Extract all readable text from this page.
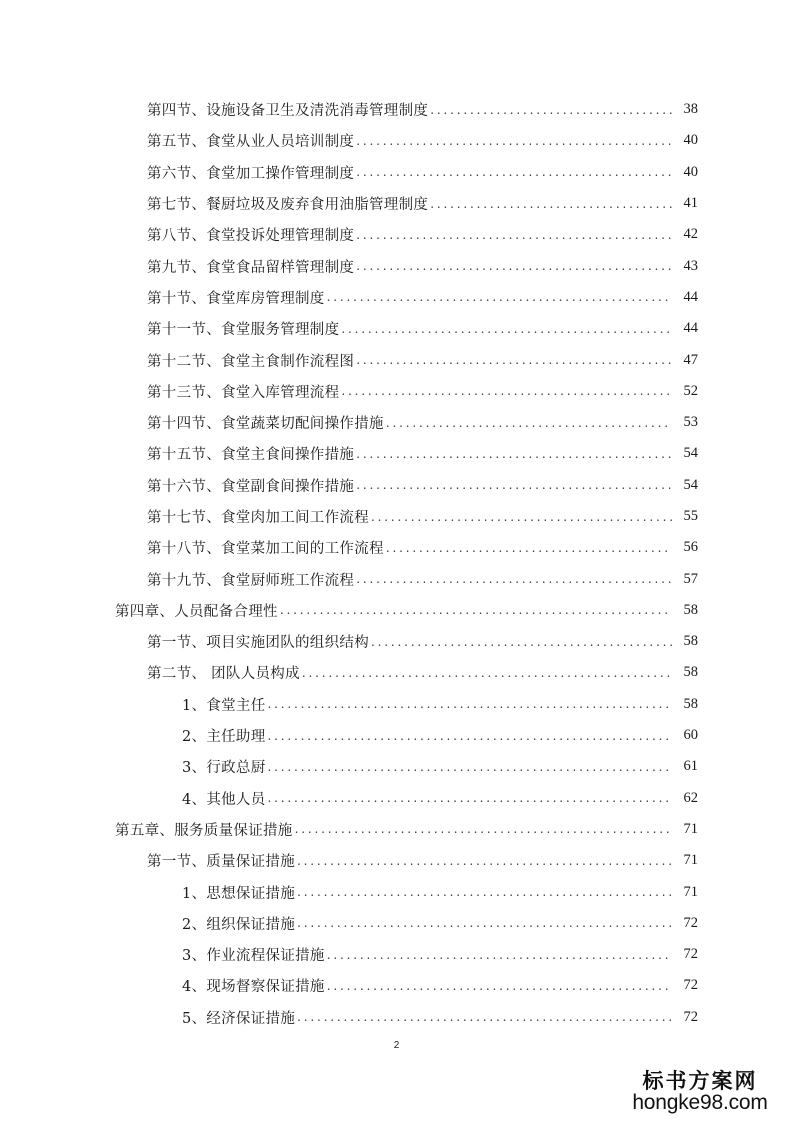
第四节、设施设备卫生及清洗消毒管理制度 . . .	38
第五节、食堂从业人员培训制度 . . .	40
第六节、食堂加工操作管理制度 . . .	40
第七节、餐厨垃圾及废弃食用油脂管理制度 . . .	41
第八节、食堂投诉处理管理制度 . . .	42
第九节、食堂食品留样管理制度 . . .	43
第十节、食堂库房管理制度 . . .	44
第十一节、食堂服务管理制度 . . .	44
第十二节、食堂主食制作流程图 . . .	47
第十三节、食堂入库管理流程 . . .	52
第十四节、食堂蔬菜切配间操作措施 . . .	53
第十五节、食堂主食间操作措施 . . .	54
第十六节、食堂副食间操作措施 . . .	54
第十七节、食堂肉加工间工作流程 . . .	55
第十八节、食堂菜加工间的工作流程 . . .	56
第十九节、食堂厨师班工作流程 . . .	57
第四章、人员配备合理性 . . .	58
第一节、项目实施团队的组织结构 . . .	58
第二节、 团队人员构成 . . .	58
1、食堂主任 . . .	58
2、主任助理 . . .	60
3、行政总厨 . . .	61
4、其他人员 . . .	62
第五章、服务质量保证措施 . . .	71
第一节、质量保证措施 . . .	71
1、思想保证措施 . . .	71
2、组织保证措施 . . .	72
3、作业流程保证措施 . . .	72
4、现场督察保证措施 . . .	72
5、经济保证措施 . . .	72
2
标书方案网
hongke98.com
